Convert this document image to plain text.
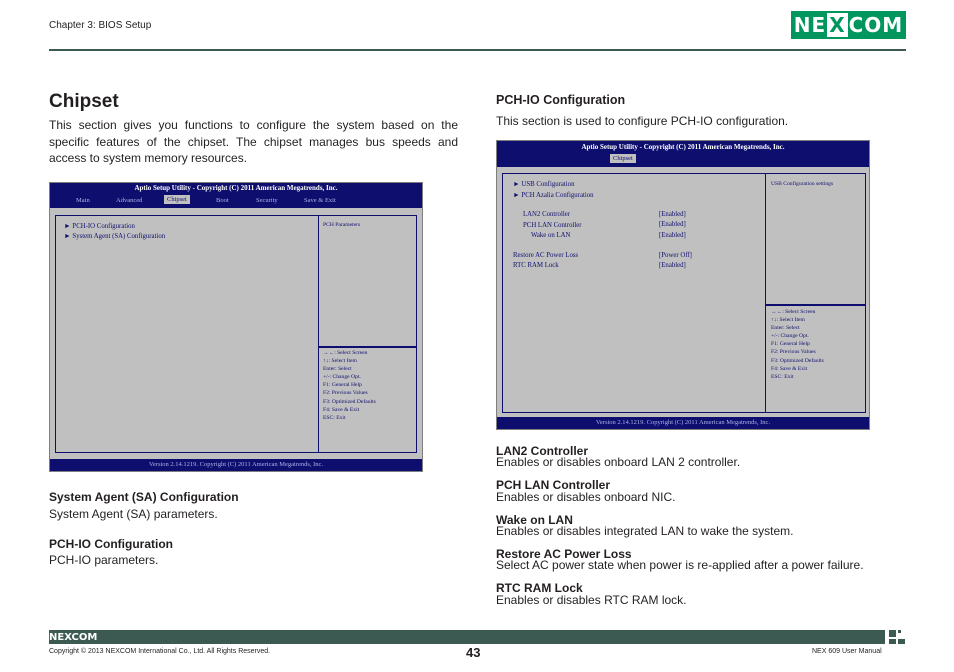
Chapter 3: BIOS Setup	NE X COM
Chipset
This section gives you functions to configure the system based on the specific features of the chipset. The chipset manages bus speeds and access to system memory resources.
Aptio Setup Utility - Copyright (C) 2011 American Megatrends, Inc.
Main	Advanced	Chipset	Boot	Security	Save & Exit
► PCH-IO Configuration
► System Agent (SA) Configuration
PCH Parameters
→←: Select Screen
↑↓: Select Item
Enter: Select
+/-: Change Opt.
F1: General Help
F2: Previous Values
F3: Optimized Defaults
F4: Save & Exit
ESC: Exit
Version 2.14.1219. Copyright (C) 2011 American Megatrends, Inc.
System Agent (SA) Configuration
System Agent (SA) parameters.
PCH-IO Configuration
PCH-IO parameters.
PCH-IO Configuration
This section is used to configure PCH-IO configuration.
Aptio Setup Utility - Copyright (C) 2011 American Megatrends, Inc.
Chipset
► USB Configuration
► PCH Azalia Configuration
LAN2 Controller	[Enabled]
PCH LAN Controller	[Enabled]
Wake on LAN	[Enabled]
Restore AC Power Loss	[Power Off]
RTC RAM Lock	[Enabled]
USB Configuration settings
→←: Select Screen
↑↓: Select Item
Enter: Select
+/-: Change Opt.
F1: General Help
F2: Previous Values
F3: Optimized Defaults
F4: Save & Exit
ESC: Exit
Version 2.14.1219. Copyright (C) 2011 American Megatrends, Inc.
LAN2 Controller
Enables or disables onboard LAN 2 controller.
PCH LAN Controller
Enables or disables onboard NIC.
Wake on LAN
Enables or disables integrated LAN to wake the system.
Restore AC Power Loss
Select AC power state when power is re-applied after a power failure.
RTC RAM Lock
Enables or disables RTC RAM lock.
NEXCOM
Copyright © 2013 NEXCOM International Co., Ltd. All Rights Reserved.	43	NEX 609 User Manual
